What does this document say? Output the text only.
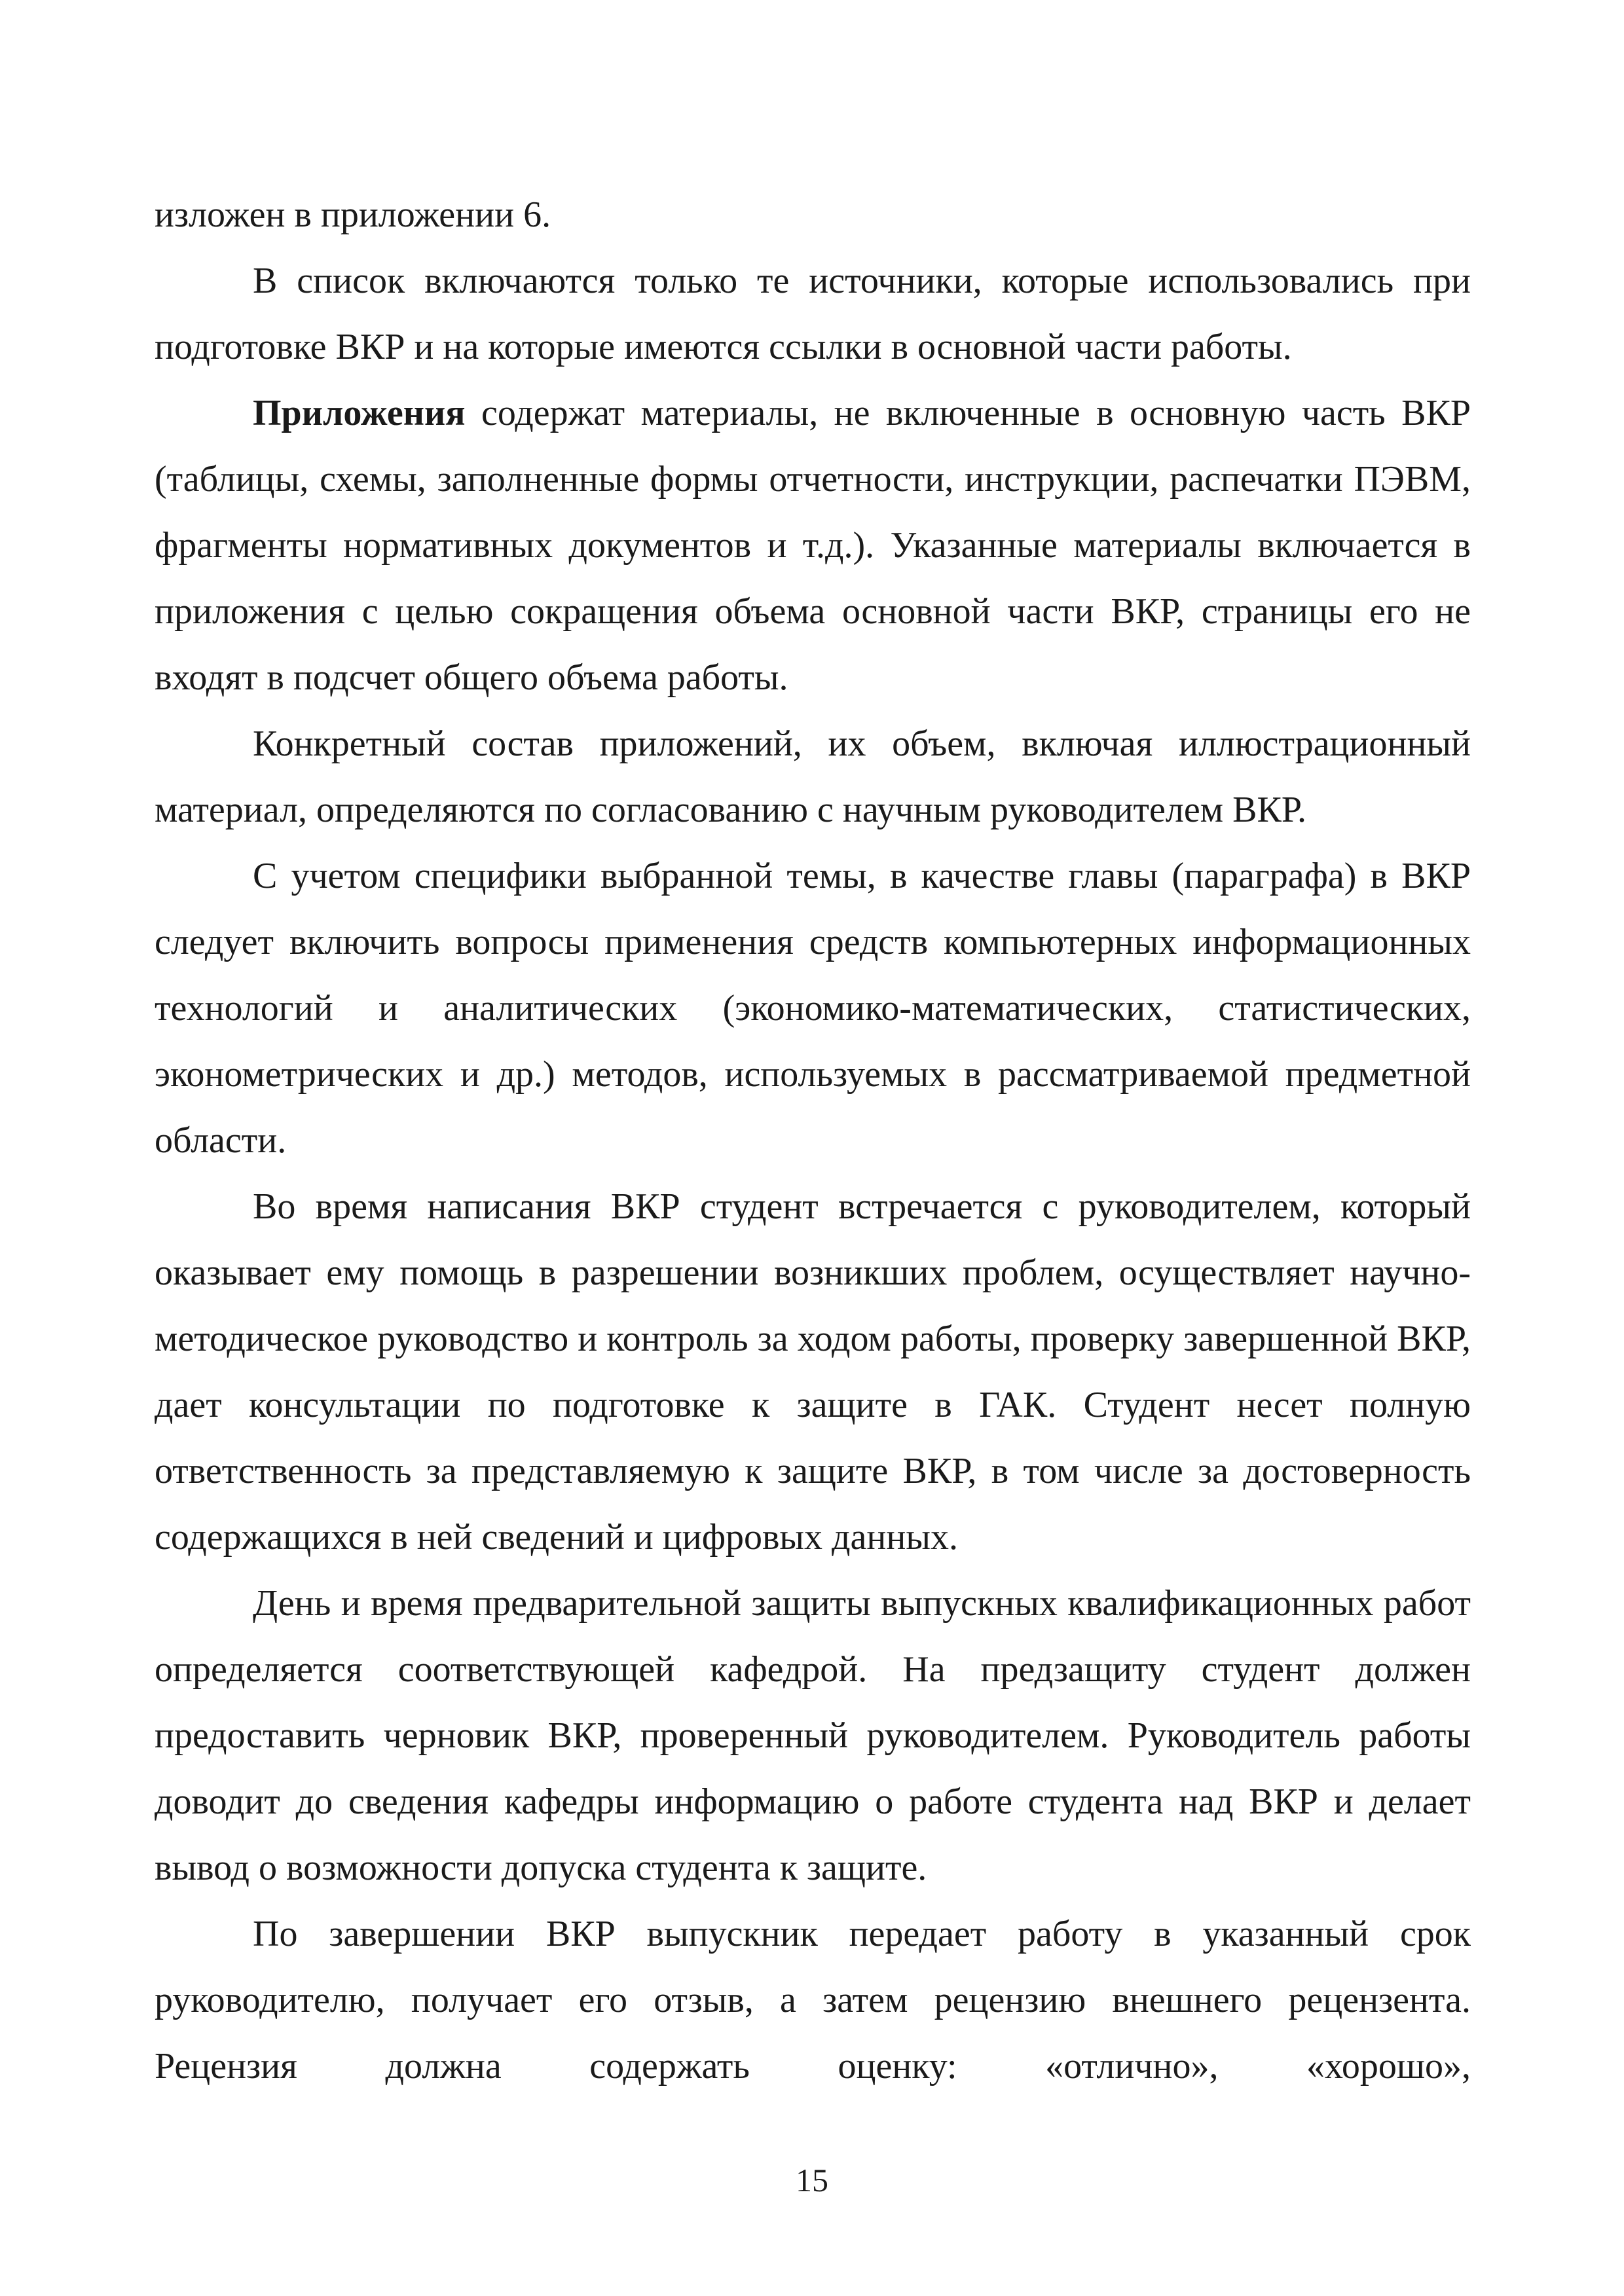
изложен в приложении 6.

В список включаются только те источники, которые использовались при подготовке ВКР и на которые имеются ссылки в основной части работы.

Приложения содержат материалы, не включенные в основную часть ВКР (таблицы, схемы, заполненные формы отчетности, инструкции, распечатки ПЭВМ, фрагменты нормативных документов и т.д.). Указанные материалы включается в приложения с целью сокращения объема основной части ВКР, страницы его не входят в подсчет общего объема работы.

Конкретный состав приложений, их объем, включая иллюстрационный материал, определяются по согласованию с научным руководителем ВКР.

С учетом специфики выбранной темы, в качестве главы (параграфа) в ВКР следует включить вопросы применения средств компьютерных информационных технологий и аналитических (экономико-математических, статистических, эконометрических и др.) методов, используемых в рассматриваемой предметной области.

Во время написания ВКР студент встречается с руководителем, который оказывает ему помощь в разрешении возникших проблем, осуществляет научно-методическое руководство и контроль за ходом работы, проверку завершенной ВКР, дает консультации по подготовке к защите в ГАК. Студент несет полную ответственность за представляемую к защите ВКР, в том числе за достоверность содержащихся в ней сведений и цифровых данных.

День и время предварительной защиты выпускных квалификационных работ определяется соответствующей кафедрой. На предзащиту студент должен предоставить черновик ВКР, проверенный руководителем. Руководитель работы доводит до сведения кафедры информацию о работе студента над ВКР и делает вывод о возможности допуска студента к защите.

По завершении ВКР выпускник передает работу в указанный срок руководителю, получает его отзыв, а затем рецензию внешнего рецензента. Рецензия должна содержать оценку: «отлично», «хорошо»,

15
